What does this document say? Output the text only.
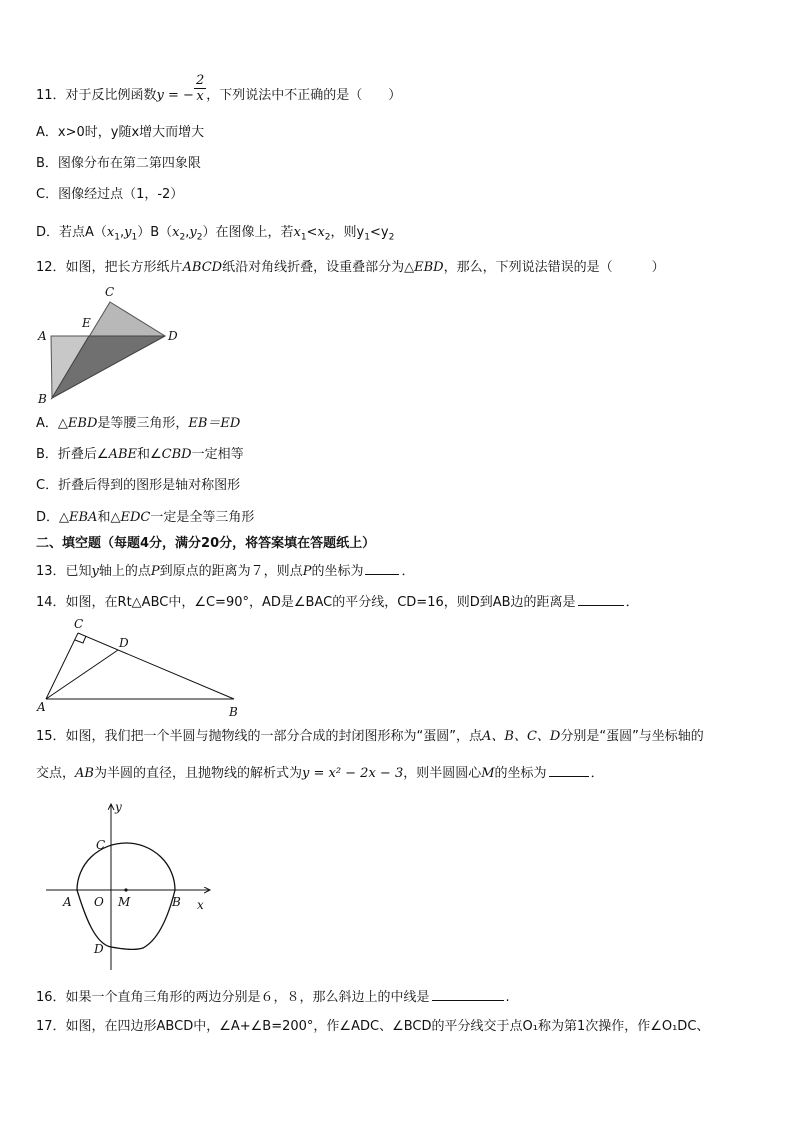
11．对于反比例函数y = − $\frac{2}{x}$ ，下列说法中不正确的是（　　）
A．x>0时，y随x增大而增大
B．图像分布在第二第四象限
C．图像经过点（1，-2）
D．若点$A(x_1,y_1)B(x_2,y_2)$在图像上，若$x_1<x_2$，则$y_1<y_2$
12．如图，把长方形纸片ABCD纸沿对角线折叠，设重叠部分为△EBD，那么，下列说法错误的是（　　　）
C
E
A	D
B
A．△EBD是等腰三角形，EB＝ED
B．折叠后∠ABE和∠CBD一定相等
C．折叠后得到的图形是轴对称图形
D．△EBA和△EDC一定是全等三角形
二、填空题（每题4分，满分20分，将答案填在答题纸上）
13．已知y轴上的点P到原点的距离为７，则点P的坐标为	．
14．如图，在Rt△ABC中，∠C=90°，AD是∠BAC的平分线，CD=16，则D到AB边的距离是	．
C
D
A	B
15．如图，我们把一个半圆与抛物线的一部分合成的封闭图形称为“蛋圆”，点A、B、C、D分别是“蛋圆”与坐标轴的
交点，AB为半圆的直径，且抛物线的解析式为y = x² − 2x − 3，则半圆圆心M的坐标为	．
y
C
A O M	B x
D
16．如果一个直角三角形的两边分别是６，８，那么斜边上的中线是	.
17．如图，在四边形ABCD中，∠A+∠B=200°，作∠ADC、∠BCD的平分线交于点O₁称为第1次操作，作∠O₁DC、
